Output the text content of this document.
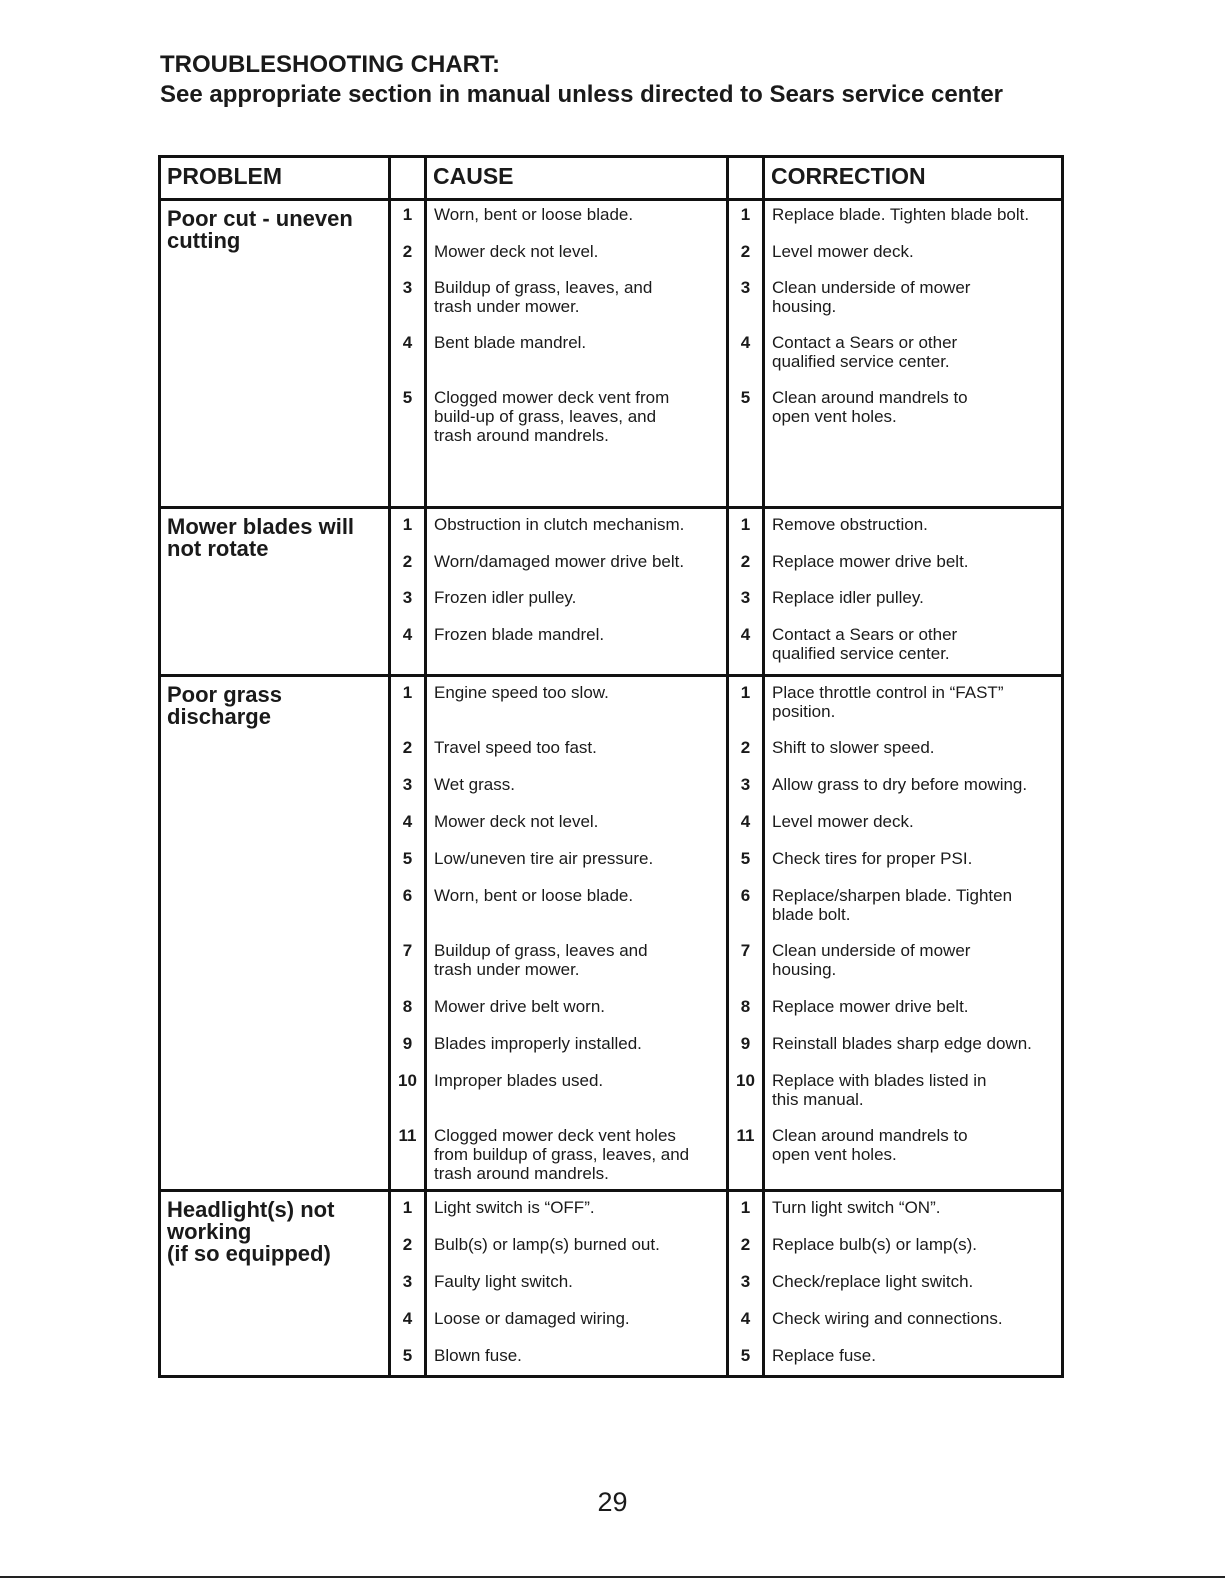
TROUBLESHOOTING CHART:
See appropriate section in manual unless directed to Sears service center
PROBLEM	CAUSE	CORRECTION
Poor cut - uneven
cutting
1
2
3
4
5
Worn, bent or loose blade.
Mower deck not level.
Buildup of grass, leaves, and
trash under mower.
Bent blade mandrel.
Clogged mower deck vent from
build-up of grass, leaves, and
trash around mandrels.
1
2
3
4
5
Replace blade. Tighten blade bolt.
Level mower deck.
Clean underside of mower
housing.
Contact a Sears or other
qualified service center.
Clean around mandrels to
open vent holes.
Mower blades will
not rotate
1
2
3
4
Obstruction in clutch mechanism.
Worn/damaged mower drive belt.
Frozen idler pulley.
Frozen blade mandrel.
1
2
3
4
Remove obstruction.
Replace mower drive belt.
Replace idler pulley.
Contact a Sears or other
qualified service center.
Poor grass
discharge
1
2
3
4
5
6
7
8
9
10
11
Engine speed too slow.
Travel speed too fast.
Wet grass.
Mower deck not level.
Low/uneven tire air pressure.
Worn, bent or loose blade.
Buildup of grass, leaves and
trash under mower.
Mower drive belt worn.
Blades improperly installed.
Improper blades used.
Clogged mower deck vent holes
from buildup of grass, leaves, and
trash around mandrels.
1
2
3
4
5
6
7
8
9
10
11
Place throttle control in “FAST”
position.
Shift to slower speed.
Allow grass to dry before mowing.
Level mower deck.
Check tires for proper PSI.
Replace/sharpen blade. Tighten
blade bolt.
Clean underside of mower
housing.
Replace mower drive belt.
Reinstall blades sharp edge down.
Replace with blades listed in
this manual.
Clean around mandrels to
open vent holes.
Headlight(s) not
working
(if so equipped)
1
2
3
4
5
Light switch is “OFF”.
Bulb(s) or lamp(s) burned out.
Faulty light switch.
Loose or damaged wiring.
Blown fuse.
1
2
3
4
5
Turn light switch “ON”.
Replace bulb(s) or lamp(s).
Check/replace light switch.
Check wiring and connections.
Replace fuse.
29
